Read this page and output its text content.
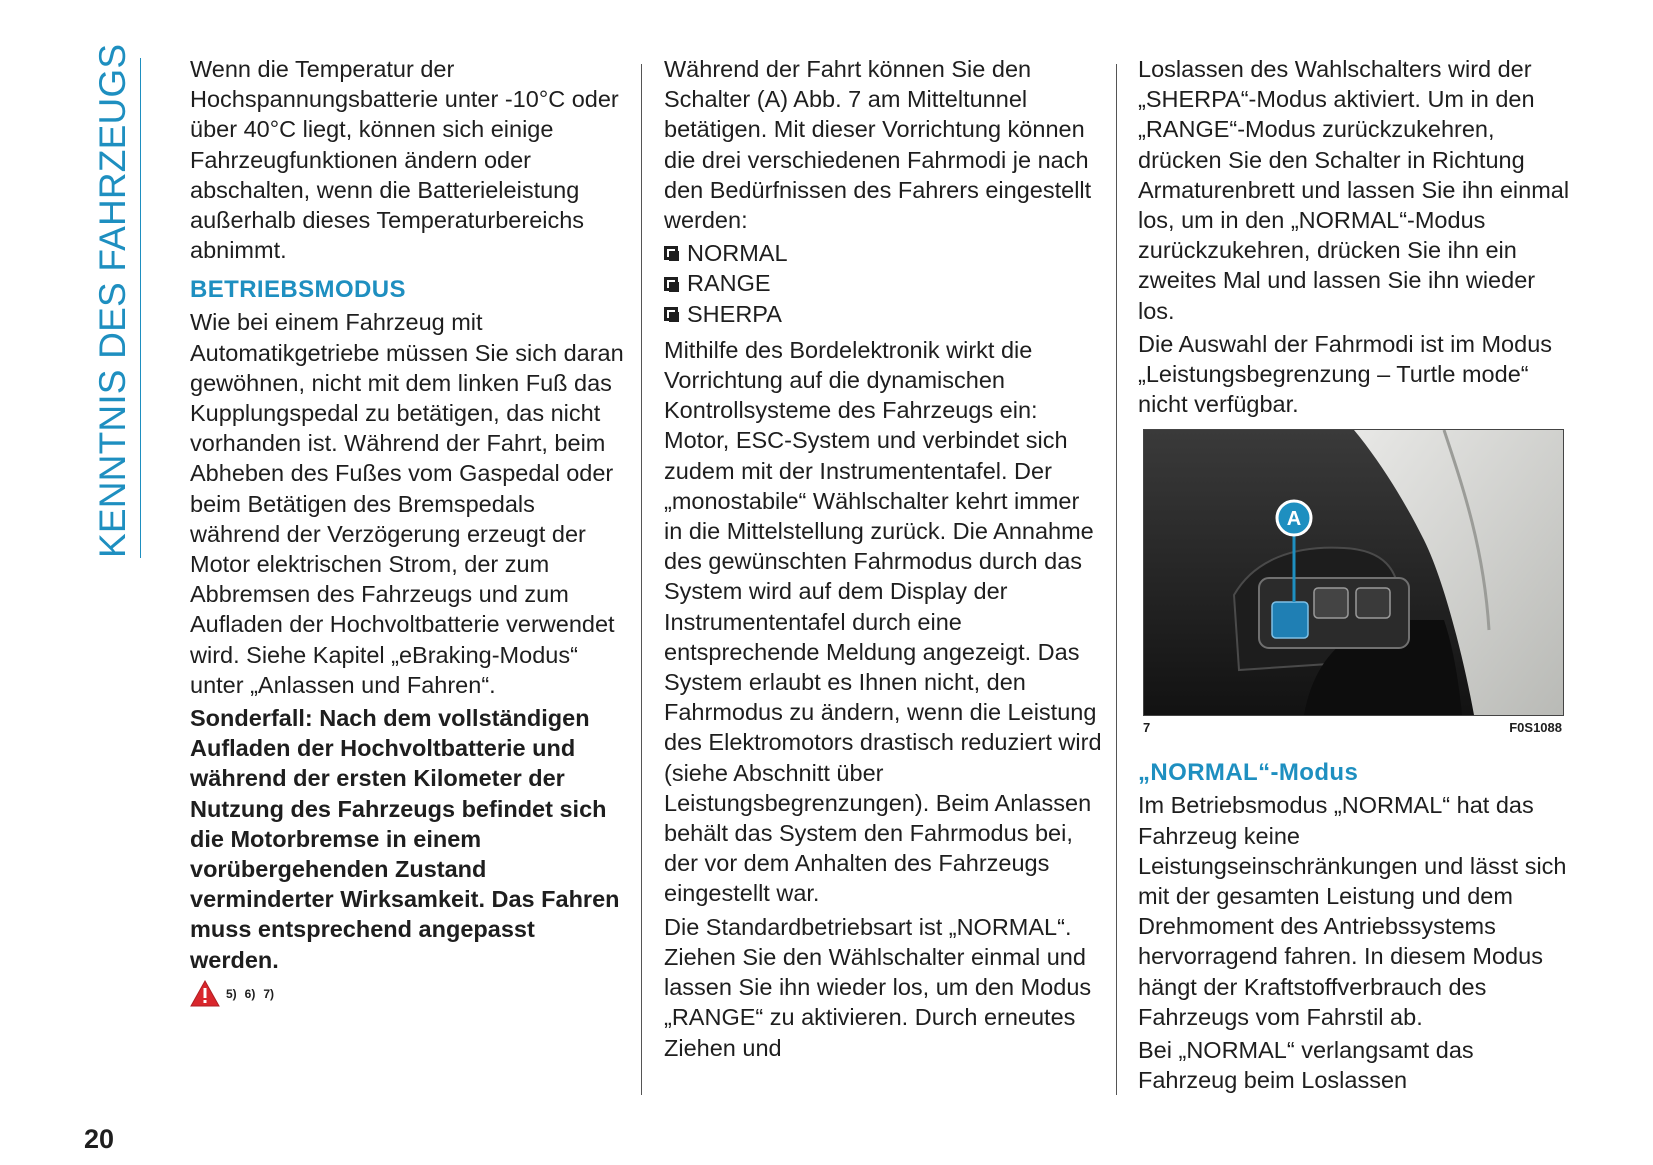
KENNTNIS DES FAHRZEUGS Wenn die Temperatur der Hochspannungsbatterie unter -10°C oder über 40°C liegt, können sich einige Fahrzeugfunktionen ändern oder abschalten, wenn die Batterieleistung außerhalb dieses Temperaturbereichs abnimmt.

BETRIEBSMODUS

Wie bei einem Fahrzeug mit Automatikgetriebe müssen Sie sich daran gewöhnen, nicht mit dem linken Fuß das Kupplungspedal zu betätigen, das nicht vorhanden ist. Während der Fahrt, beim Abheben des Fußes vom Gaspedal oder beim Betätigen des Bremspedals während der Verzögerung erzeugt der Motor elektrischen Strom, der zum Abbremsen des Fahrzeugs und zum Aufladen der Hochvoltbatterie verwendet wird. Siehe Kapitel „eBraking-Modus“ unter „Anlassen und Fahren“.

Sonderfall: Nach dem vollständigen Aufladen der Hochvoltbatterie und während der ersten Kilometer der Nutzung des Fahrzeugs befindet sich die Motorbremse in einem vorübergehenden Zustand verminderter Wirksamkeit. Das Fahren muss entsprechend angepasst werden.

5) 6) 7)

Während der Fahrt können Sie den Schalter (A) Abb. 7 am Mitteltunnel betätigen. Mit dieser Vorrichtung können die drei verschiedenen Fahrmodi je nach den Bedürfnissen des Fahrers eingestellt werden:

NORMAL
RANGE
SHERPA

Mithilfe des Bordelektronik wirkt die Vorrichtung auf die dynamischen Kontrollsysteme des Fahrzeugs ein: Motor, ESC-System und verbindet sich zudem mit der Instrumententafel. Der „monostabile“ Wählschalter kehrt immer in die Mittelstellung zurück. Die Annahme des gewünschten Fahrmodus durch das System wird auf dem Display der Instrumententafel durch eine entsprechende Meldung angezeigt. Das System erlaubt es Ihnen nicht, den Fahrmodus zu ändern, wenn die Leistung des Elektromotors drastisch reduziert wird (siehe Abschnitt über Leistungsbegrenzungen). Beim Anlassen behält das System den Fahrmodus bei, der vor dem Anhalten des Fahrzeugs eingestellt war.

Die Standardbetriebsart ist „NORMAL“. Ziehen Sie den Wählschalter einmal und lassen Sie ihn wieder los, um den Modus „RANGE“ zu aktivieren. Durch erneutes Ziehen und

Loslassen des Wahlschalters wird der „SHERPA“-Modus aktiviert. Um in den „RANGE“-Modus zurückzukehren, drücken Sie den Schalter in Richtung Armaturenbrett und lassen Sie ihn einmal los, um in den „NORMAL“-Modus zurückzukehren, drücken Sie ihn ein zweites Mal und lassen Sie ihn wieder los.

Die Auswahl der Fahrmodi ist im Modus „Leistungsbegrenzung – Turtle mode“ nicht verfügbar.

A
7	F0S1088
„NORMAL“-Modus

Im Betriebsmodus „NORMAL“ hat das Fahrzeug keine Leistungseinschränkungen und lässt sich mit der gesamten Leistung und dem Drehmoment des Antriebssystems hervorragend fahren. In diesem Modus hängt der Kraftstoffverbrauch des Fahrzeugs vom Fahrstil ab.

Bei „NORMAL“ verlangsamt das Fahrzeug beim Loslassen

20
